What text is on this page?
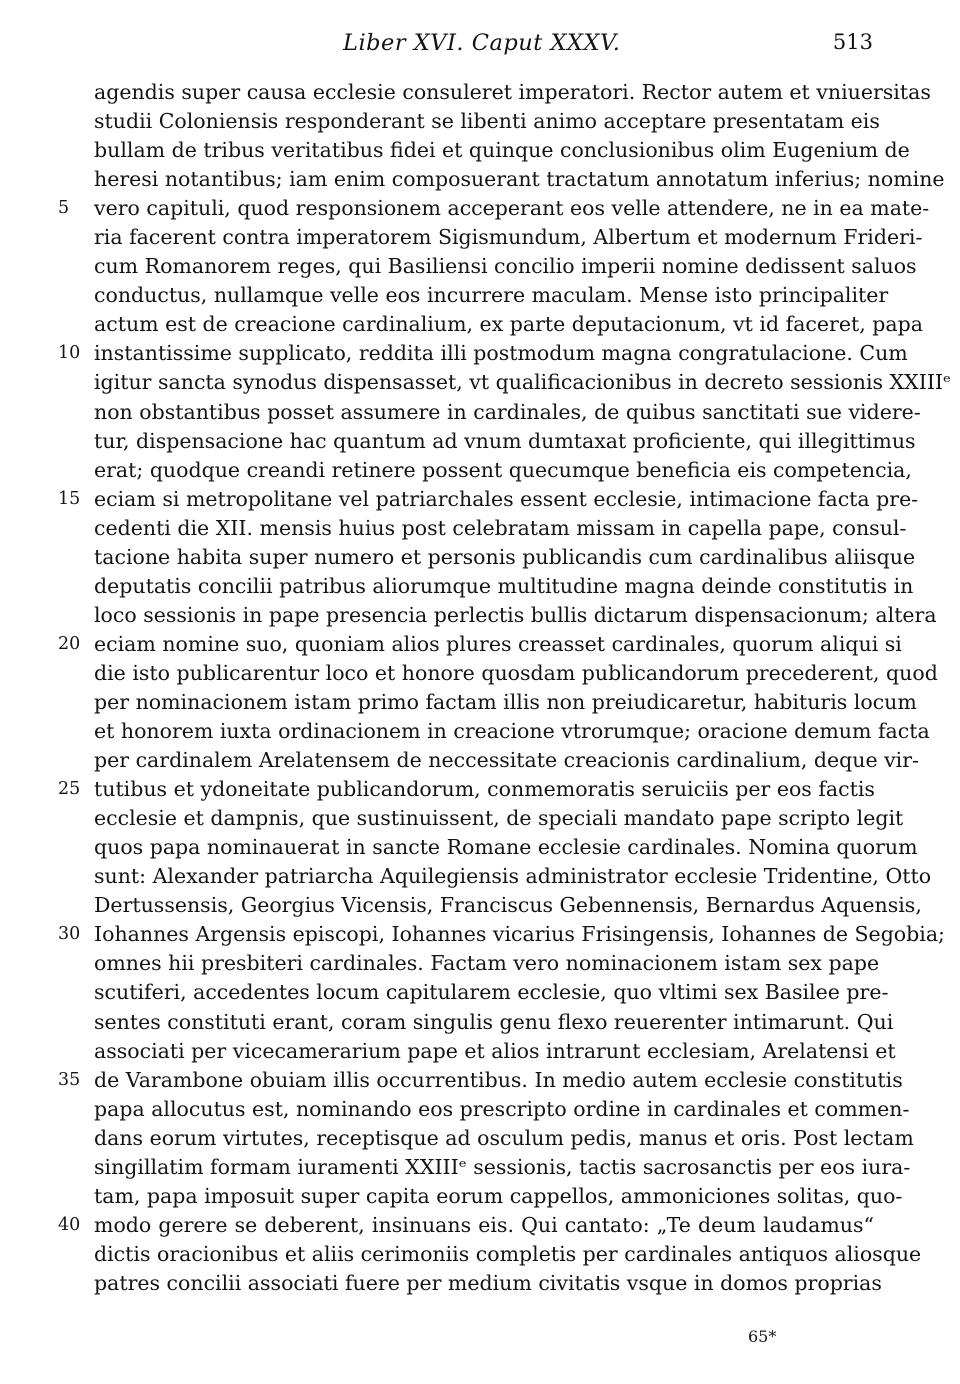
Liber XVI. Caput XXXV.	513
agendis super causa ecclesie consuleret imperatori. Rector autem et vniuersitas
studii Coloniensis responderant se libenti animo acceptare presentatam eis
bullam de tribus veritatibus fidei et quinque conclusionibus olim Eugenium de
heresi notantibus; iam enim composuerant tractatum annotatum inferius; nomine
5	vero capituli, quod responsionem acceperant eos velle attendere, ne in ea mate-
ria facerent contra imperatorem Sigismundum, Albertum et modernum Frideri-
cum Romanorem reges, qui Basiliensi concilio imperii nomine dedissent saluos
conductus, nullamque velle eos incurrere maculam. Mense isto principaliter
actum est de creacione cardinalium, ex parte deputacionum, vt id faceret, papa
10 instantissime supplicato, reddita illi postmodum magna congratulacione. Cum
igitur sancta synodus dispensasset, vt qualificacionibus in decreto sessionis XXIIIᵉ
non obstantibus posset assumere in cardinales, de quibus sanctitati sue videre-
tur, dispensacione hac quantum ad vnum dumtaxat proficiente, qui illegittimus
erat; quodque creandi retinere possent quecumque beneficia eis competencia,
15 eciam si metropolitane vel patriarchales essent ecclesie, intimacione facta pre-
cedenti die XII. mensis huius post celebratam missam in capella pape, consul-
tacione habita super numero et personis publicandis cum cardinalibus aliisque
deputatis concilii patribus aliorumque multitudine magna deinde constitutis in
loco sessionis in pape presencia perlectis bullis dictarum dispensacionum; altera
20 eciam nomine suo, quoniam alios plures creasset cardinales, quorum aliqui si
die isto publicarentur loco et honore quosdam publicandorum precederent, quod
per nominacionem istam primo factam illis non preiudicaretur, habituris locum
et honorem iuxta ordinacionem in creacione vtrorumque; oracione demum facta
per cardinalem Arelatensem de neccessitate creacionis cardinalium, deque vir-
25 tutibus et ydoneitate publicandorum, conmemoratis seruiciis per eos factis
ecclesie et dampnis, que sustinuissent, de speciali mandato pape scripto legit
quos papa nominauerat in sancte Romane ecclesie cardinales. Nomina quorum
sunt: Alexander patriarcha Aquilegiensis administrator ecclesie Tridentine, Otto
Dertussensis, Georgius Vicensis, Franciscus Gebennensis, Bernardus Aquensis,
30 Iohannes Argensis episcopi, Iohannes vicarius Frisingensis, Iohannes de Segobia;
omnes hii presbiteri cardinales. Factam vero nominacionem istam sex pape
scutiferi, accedentes locum capitularem ecclesie, quo vltimi sex Basilee pre-
sentes constituti erant, coram singulis genu flexo reuerenter intimarunt. Qui
associati per vicecamerarium pape et alios intrarunt ecclesiam, Arelatensi et
35 de Varambone obuiam illis occurrentibus. In medio autem ecclesie constitutis
papa allocutus est, nominando eos prescripto ordine in cardinales et commen-
dans eorum virtutes, receptisque ad osculum pedis, manus et oris. Post lectam
singillatim formam iuramenti XXIIIᵉ sessionis, tactis sacrosanctis per eos iura-
tam, papa imposuit super capita eorum cappellos, ammoniciones solitas, quo-
40 modo gerere se deberent, insinuans eis. Qui cantato: „Te deum laudamus“
dictis oracionibus et aliis cerimoniis completis per cardinales antiquos aliosque
patres concilii associati fuere per medium civitatis vsque in domos proprias
65*
